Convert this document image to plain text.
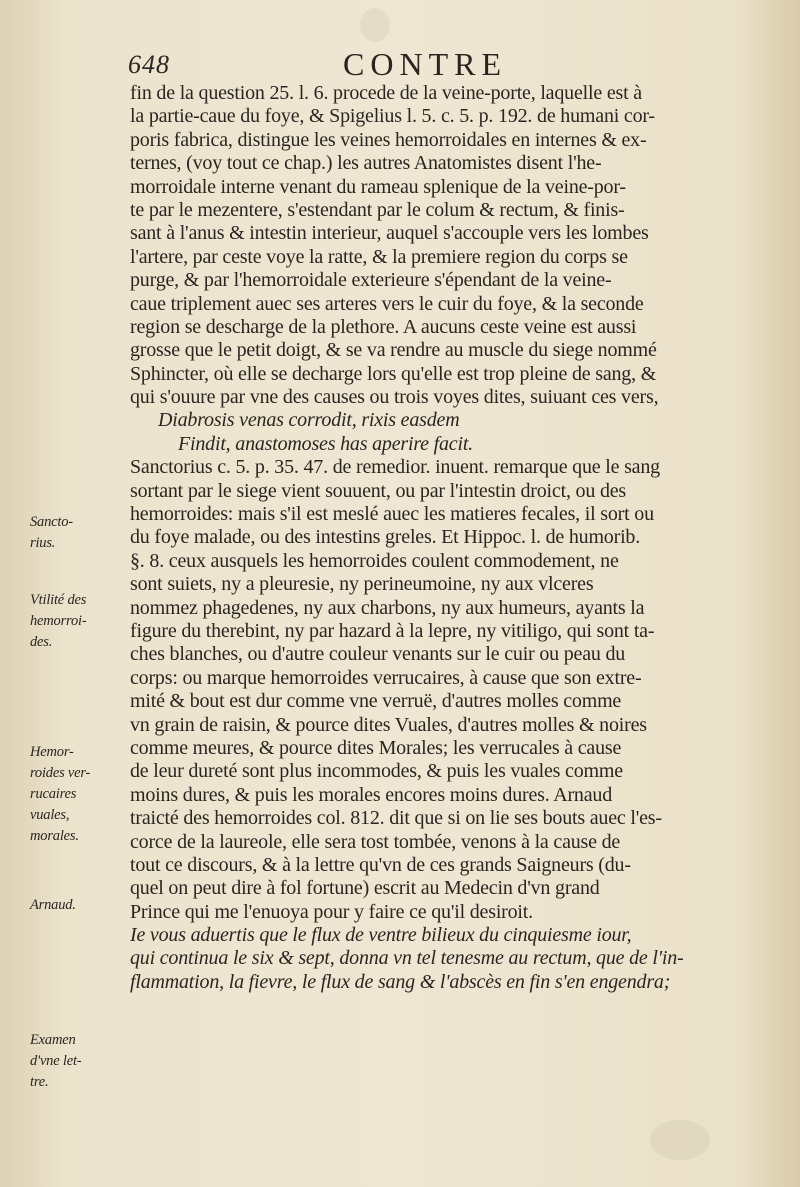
648	CONTRE
fin de la question 25. l. 6. procede de la veine-porte, laquelle est à
la partie-caue du foye, & Spigelius l. 5. c. 5. p. 192. de humani cor-
poris fabrica, distingue les veines hemorroidales en internes & ex-
ternes, (voy tout ce chap.) les autres Anatomistes disent l'he-
morroidale interne venant du rameau splenique de la veine-por-
te par le mezentere, s'estendant par le colum & rectum, & finis-
sant à l'anus & intestin interieur, auquel s'accouple vers les lombes
l'artere, par ceste voye la ratte, & la premiere region du corps se
purge, & par l'hemorroidale exterieure s'épendant de la veine-
caue triplement auec ses arteres vers le cuir du foye, & la seconde
region se descharge de la plethore. A aucuns ceste veine est aussi
grosse que le petit doigt, & se va rendre au muscle du siege nommé
Sphincter, où elle se decharge lors qu'elle est trop pleine de sang, &
qui s'ouure par vne des causes ou trois voyes dites, suiuant ces vers,
Diabrosis venas corrodit, rixis easdem
Findit, anastomoses has aperire facit.
Sanctorius c. 5. p. 35. 47. de remedior. inuent. remarque que le sang
sortant par le siege vient souuent, ou par l'intestin droict, ou des
hemorroides: mais s'il est meslé auec les matieres fecales, il sort ou
du foye malade, ou des intestins greles. Et Hippoc. l. de humorib.
§. 8. ceux ausquels les hemorroides coulent commodement, ne
sont suiets, ny a pleuresie, ny perineumoine, ny aux vlceres
nommez phagedenes, ny aux charbons, ny aux humeurs, ayants la
figure du therebint, ny par hazard à la lepre, ny vitiligo, qui sont ta-
ches blanches, ou d'autre couleur venants sur le cuir ou peau du
corps: ou marque hemorroides verrucaires, à cause que son extre-
mité & bout est dur comme vne verruë, d'autres molles comme
vn grain de raisin, & pource dites Vuales, d'autres molles & noires
comme meures, & pource dites Morales; les verrucales à cause
de leur dureté sont plus incommodes, & puis les vuales comme
moins dures, & puis les morales encores moins dures. Arnaud
traicté des hemorroides col. 812. dit que si on lie ses bouts auec l'es-
corce de la laureole, elle sera tost tombée, venons à la cause de
tout ce discours, & à la lettre qu'vn de ces grands Saigneurs (du-
quel on peut dire à fol fortune) escrit au Medecin d'vn grand
Prince qui me l'enuoya pour y faire ce qu'il desiroit.
Ie vous aduertis que le flux de ventre bilieux du cinquiesme iour,
qui continua le six & sept, donna vn tel tenesme au rectum, que de l'in-
flammation, la fievre, le flux de sang & l'abscès en fin s'en engendra;
Sancto-
rius.
Vtilité des
hemorroi-
des.
Hemor-
roides ver-
rucaires
vuales,
morales.
Arnaud.
Examen
d'vne let-
tre.
